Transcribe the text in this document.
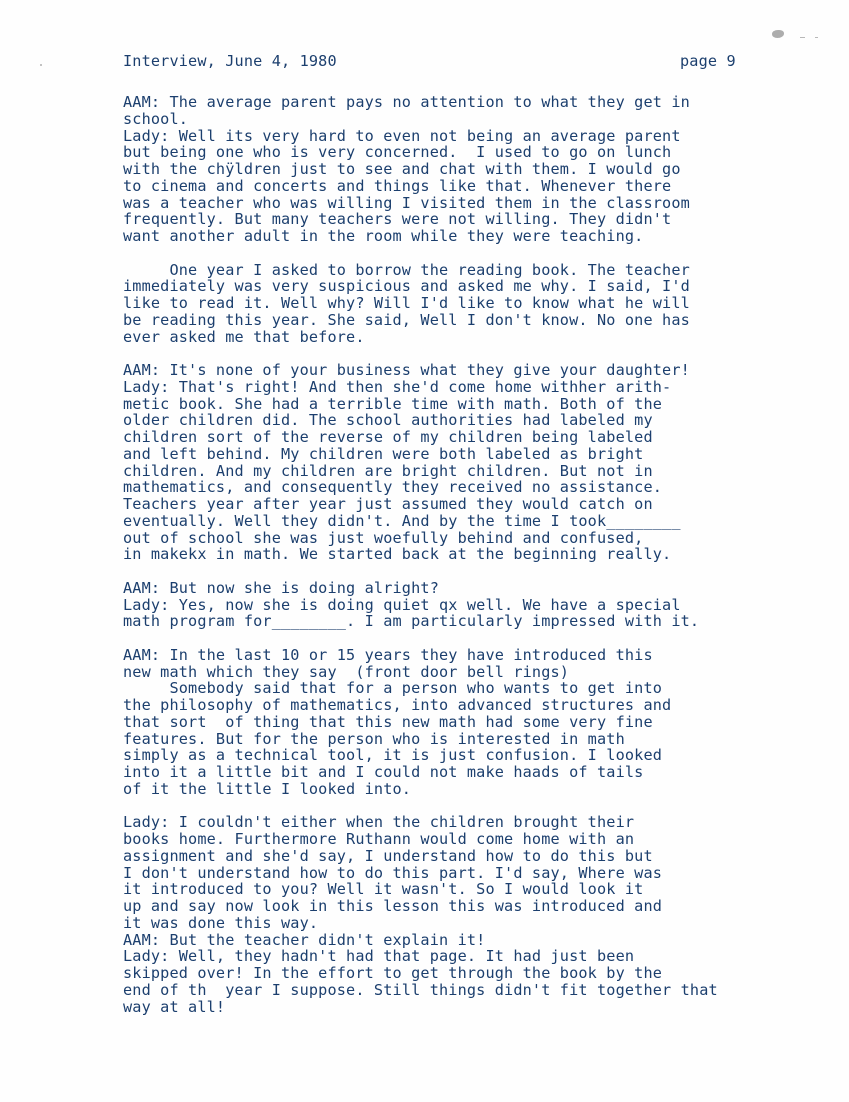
Interview, June 4, 1980	page 9
AAM: The average parent pays no attention to what they get in
school.
Lady: Well its very hard to even not being an average parent
but being one who is very concerned.  I used to go on lunch
with the chÿldren just to see and chat with them. I would go
to cinema and concerts and things like that. Whenever there
was a teacher who was willing I visited them in the classroom
frequently. But many teachers were not willing. They didn't
want another adult in the room while they were teaching.
One year I asked to borrow the reading book. The teacher
immediately was very suspicious and asked me why. I said, I'd
like to read it. Well why? Will I'd like to know what he will
be reading this year. She said, Well I don't know. No one has
ever asked me that before.
AAM: It's none of your business what they give your daughter!
Lady: That's right! And then she'd come home withher arith-
metic book. She had a terrible time with math. Both of the
older children did. The school authorities had labeled my
children sort of the reverse of my children being labeled
and left behind. My children were both labeled as bright
children. And my children are bright children. But not in
mathematics, and consequently they received no assistance.
Teachers year after year just assumed they would catch on
eventually. Well they didn't. And by the time I took________
out of school she was just woefully behind and confused,
in makekx in math. We started back at the beginning really.
AAM: But now she is doing alright?
Lady: Yes, now she is doing quiet qx well. We have a special
math program for________. I am particularly impressed with it.
AAM: In the last 10 or 15 years they have introduced this
new math which they say  (front door bell rings)
Somebody said that for a person who wants to get into
the philosophy of mathematics, into advanced structures and
that sort  of thing that this new math had some very fine
features. But for the person who is interested in math
simply as a technical tool, it is just confusion. I looked
into it a little bit and I could not make haads of tails
of it the little I looked into.
Lady: I couldn't either when the children brought their
books home. Furthermore Ruthann would come home with an
assignment and she'd say, I understand how to do this but
I don't understand how to do this part. I'd say, Where was
it introduced to you? Well it wasn't. So I would look it
up and say now look in this lesson this was introduced and
it was done this way.
AAM: But the teacher didn't explain it!
Lady: Well, they hadn't had that page. It had just been
skipped over! In the effort to get through the book by the
end of th  year I suppose. Still things didn't fit together that
way at all!
